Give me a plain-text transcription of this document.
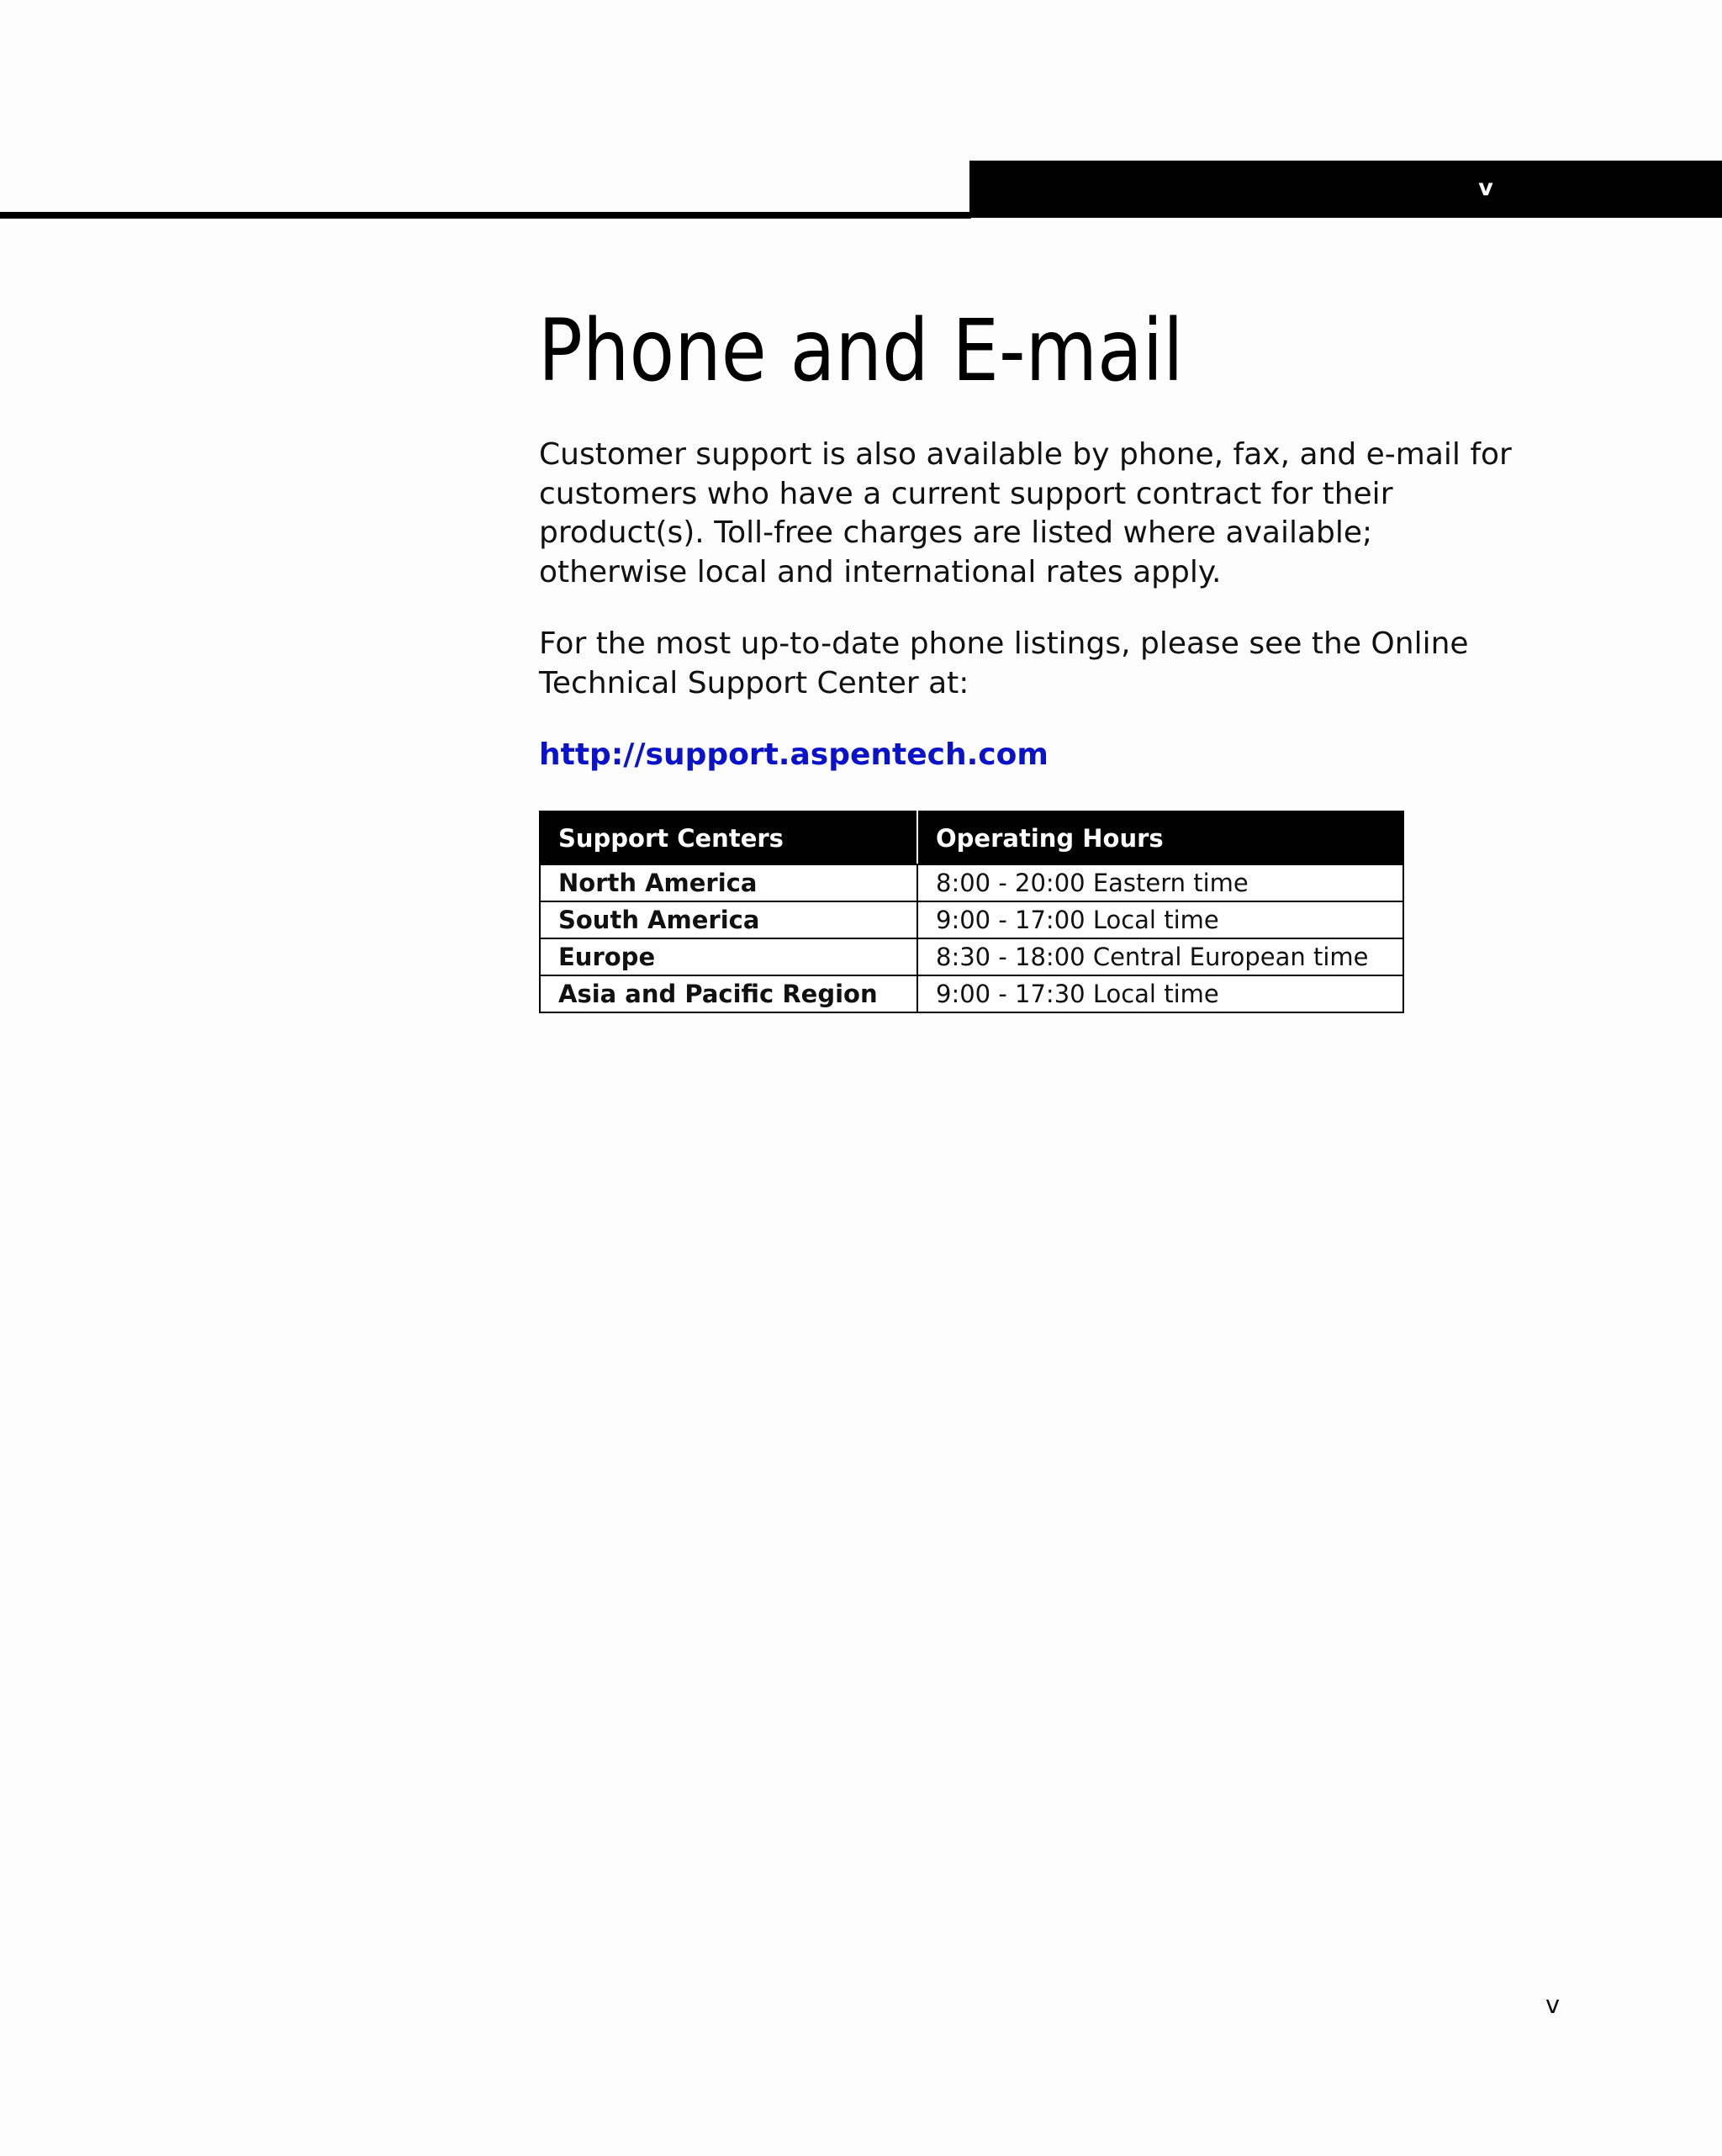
v
Phone and E-mail

Customer support is also available by phone, fax, and e-mail for customers who have a current support contract for their product(s). Toll-free charges are listed where available; otherwise local and international rates apply.

For the most up-to-date phone listings, please see the Online Technical Support Center at:

http://support.aspentech.com
Support Centers	Operating Hours
North America	8:00 - 20:00 Eastern time
South America	9:00 - 17:00 Local time
Europe	8:30 - 18:00 Central European time
Asia and Pacific Region	9:00 - 17:30 Local time
v
